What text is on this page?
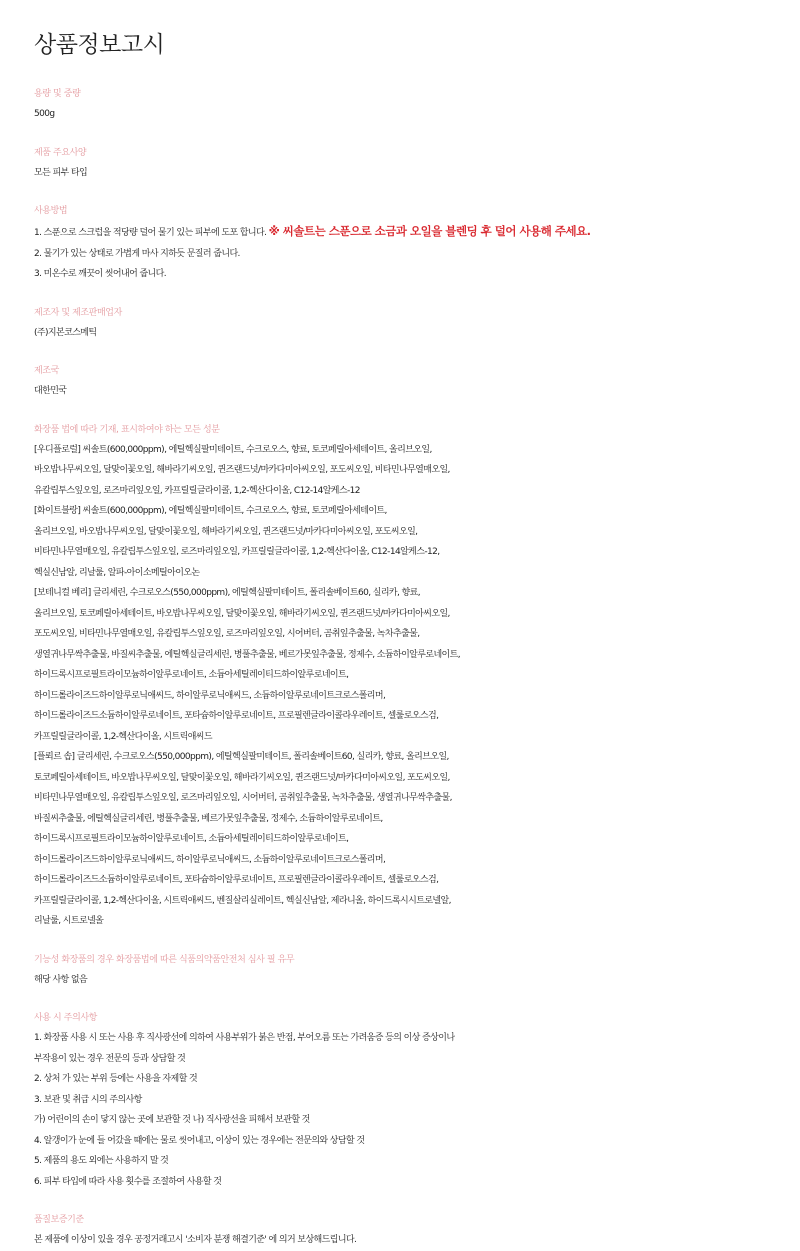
상품정보고시
용량 및 중량
500g
제품 주요사양
모든 피부 타입
사용방법
1. 스푼으로 스크럽을 적당량 덜어 물기 있는 피부에 도포 합니다. ※ 씨솔트는 스푼으로 소금과 오일을 블렌딩 후 덜어 사용해 주세요.
2. 물기가 있는 상태로 가볍게 마사 지하듯 문질러 줍니다.
3. 미온수로 깨끗이 씻어내어 줍니다.
제조자 및 제조판매업자
(주)지본코스메틱
제조국
대한민국
화장품 법에 따라 기재, 표시하여야 하는 모든 성분
[우디플로럴] 씨솔트(600,000ppm), 에틸헥실팔미테이트, 수크로오스, 향료, 토코페릴아세테이트, 올리브오일,
바오밥나무씨오일, 달맞이꽃오일, 해바라기씨오일, 퀸즈랜드넛/마카다미아씨오일, 포도씨오일, 비타민나무열매오일,
유칼립투스잎오일, 로즈마리잎오일, 카프릴릴글라이콜, 1,2-헥산다이올, C12-14알케스-12
[화이트블랑] 씨솔트(600,000ppm), 에틸헥실팔미테이트, 수크로오스, 향료, 토코페릴아세테이트,
올리브오일, 바오밥나무씨오일, 달맞이꽃오일, 해바라기씨오일, 퀸즈랜드넛/마카다미아씨오일, 포도씨오일,
비타민나무열매오일, 유칼립투스잎오일, 로즈마리잎오일, 카프릴릴글라이콜, 1,2-헥산다이올, C12-14알케스-12,
헥실신남알, 리날룰, 알파-아이소메틸아이오논
[보테니컬 베리] 글리세린, 수크로오스(550,000ppm), 에틸헥실팔미테이트, 폴리솔베이트60, 실리카, 향료,
올리브오일, 토코페릴아세테이트, 바오밥나무씨오일, 달맞이꽃오일, 해바라기씨오일, 퀸즈랜드넛/마카다미아씨오일,
포도씨오일, 비타민나무열매오일, 유칼립투스잎오일, 로즈마리잎오일, 시어버터, 곰취잎추출물, 녹차추출물,
생열귀나무싹추출물, 바질씨추출물, 에틸헥실글리세린, 병풀추출물, 베르가못잎추출물, 정제수, 소듐하이알루로네이트,
하이드록시프로필트라이모늄하이알루로네이트, 소듐아세틸레이티드하이알루로네이트,
하이드롤라이즈드하이알루로닉애씨드, 하이알루로닉애씨드, 소듐하이알루로네이트크로스폴리머,
하이드롤라이즈드소듐하이알루로네이트, 포타슘하이알루로네이트, 프로필렌글라이콜라우레이트, 셀룰로오스검,
카프릴릴글라이콜, 1,2-헥산다이올, 시트릭애씨드
[플뢰르 솝] 글리세린, 수크로오스(550,000ppm), 에틸헥실팔미테이트, 폴리솔베이트60, 실리카, 향료, 올리브오일,
토코페릴아세테이트, 바오밥나무씨오일, 달맞이꽃오일, 해바라기씨오일, 퀸즈랜드넛/마카다미아씨오일, 포도씨오일,
비타민나무열매오일, 유칼립투스잎오일, 로즈마리잎오일, 시어버터, 곰취잎추출물, 녹차추출물, 생열귀나무싹추출물,
바질씨추출물, 에틸헥실글리세린, 병풀추출물, 베르가못잎추출물, 정제수, 소듐하이알루로네이트,
하이드록시프로필트라이모늄하이알루로네이트, 소듐아세틸레이티드하이알루로네이트,
하이드롤라이즈드하이알루로닉애씨드, 하이알루로닉애씨드, 소듐하이알루로네이트크로스폴리머,
하이드롤라이즈드소듐하이알루로네이트, 포타슘하이알루로네이트, 프로필렌글라이콜라우레이트, 셀룰로오스검,
카프릴릴글라이콜, 1,2-헥산다이올, 시트릭애씨드, 벤질살리실레이트, 헥실신남알, 제라니올, 하이드록시시트로넬알,
리날룰, 시트로넬올
기능성 화장품의 경우 화장품법에 따른 식품의약품안전처 심사 필 유무
해당 사항 없음
사용 시 주의사항
1. 화장품 사용 시 또는 사용 후 직사광선에 의하여 사용부위가 붉은 반점, 부어오름 또는 가려움증 등의 이상 증상이나
부작용이 있는 경우 전문의 등과 상담할 것
2. 상처 가 있는 부위 등에는 사용을 자제할 것
3. 보관 및 취급 시의 주의사항
가) 어린이의 손이 닿지 않는 곳에 보관할 것 나) 직사광선을 피해서 보관할 것
4. 알갱이가 눈에 들 어갔을 때에는 물로 씻어내고, 이상이 있는 경우에는 전문의와 상담할 것
5. 제품의 용도 외에는 사용하지 말 것
6. 피부 타입에 따라 사용 횟수를 조절하여 사용할 것
품질보증기준
본 제품에 이상이 있을 경우 공정거래고시 '소비자 분쟁 해결기준' 에 의거 보상해드립니다.
